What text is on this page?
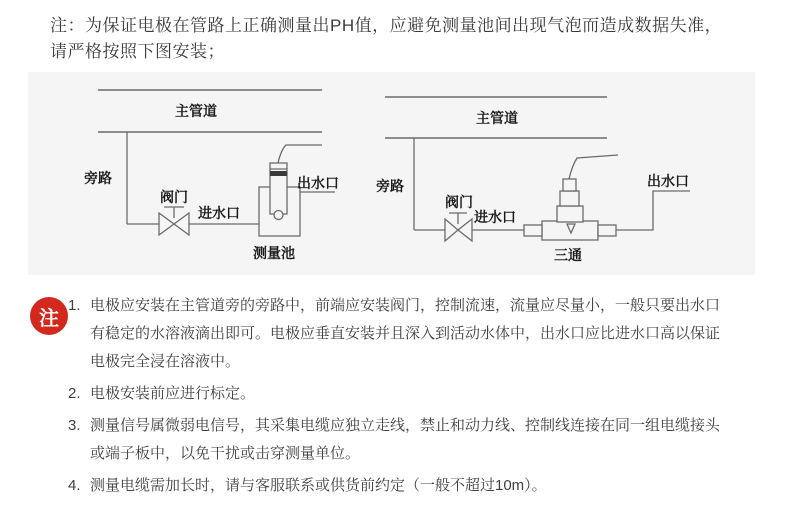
注：为保证电极在管路上正确测量出PH值，应避免测量池间出现气泡而造成数据失准，
请严格按照下图安装；
主管道
旁路
阀门
进水口
出水口
测量池
主管道
旁路
阀门
进水口
出水口
三通
注
1. 电极应安装在主管道旁的旁路中，前端应安装阀门，控制流速，流量应尽量小，一般只要出水口有稳定的水溶液滴出即可。电极应垂直安装并且深入到活动水体中，出水口应比进水口高以保证电极完全浸在溶液中。
2. 电极安装前应进行标定。
3. 测量信号属微弱电信号，其采集电缆应独立走线，禁止和动力线、控制线连接在同一组电缆接头或端子板中，以免干扰或击穿测量单位。
4. 测量电缆需加长时，请与客服联系或供货前约定（一般不超过10m）。
